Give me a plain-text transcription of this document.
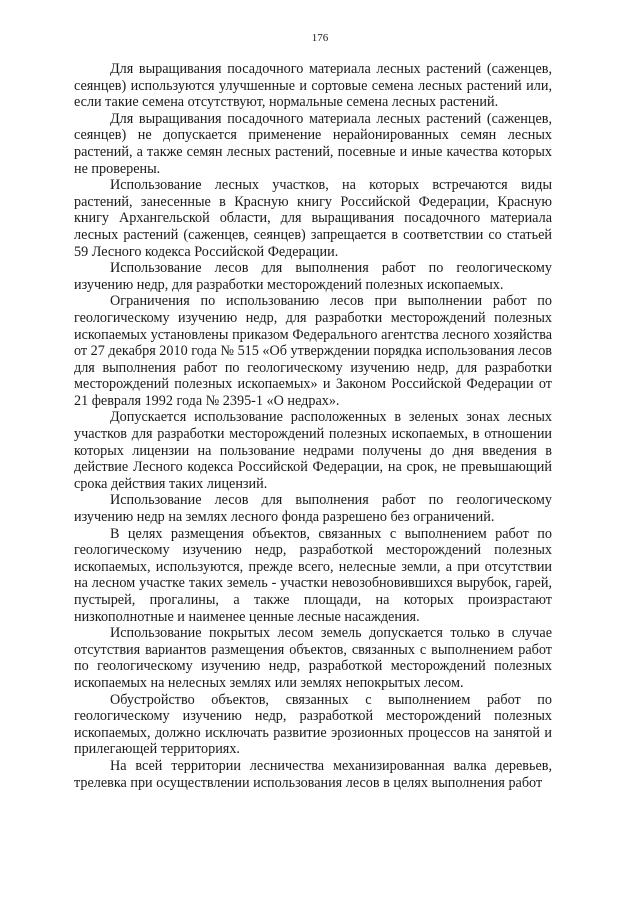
176

Для выращивания посадочного материала лесных растений (саженцев, сеянцев) используются улучшенные и сортовые семена лесных растений или, если такие семена отсутствуют, нормальные семена лесных растений.

Для выращивания посадочного материала лесных растений (саженцев, сеянцев) не допускается применение нерайонированных семян лесных растений, а также семян лесных растений, посевные и иные качества которых не проверены.

Использование лесных участков, на которых встречаются виды растений, занесенные в Красную книгу Российской Федерации, Красную книгу Архангельской области, для выращивания посадочного материала лесных растений (саженцев, сеянцев) запрещается в соответствии со статьей 59 Лесного кодекса Российской Федерации.

Использование лесов для выполнения работ по геологическому изучению недр, для разработки месторождений полезных ископаемых.

Ограничения по использованию лесов при выполнении работ по геологическому изучению недр, для разработки месторождений полезных ископаемых установлены приказом Федерального агентства лесного хозяйства от 27 декабря 2010 года № 515 «Об утверждении порядка использования лесов для выполнения работ по геологическому изучению недр, для разработки месторождений полезных ископаемых» и Законом Российской Федерации от 21 февраля 1992 года № 2395-1 «О недрах».

Допускается использование расположенных в зеленых зонах лесных участков для разработки месторождений полезных ископаемых, в отношении которых лицензии на пользование недрами получены до дня введения в действие Лесного кодекса Российской Федерации, на срок, не превышающий срока действия таких лицензий.

Использование лесов для выполнения работ по геологическому изучению недр на землях лесного фонда разрешено без ограничений.

В целях размещения объектов, связанных с выполнением работ по геологическому изучению недр, разработкой месторождений полезных ископаемых, используются, прежде всего, нелесные земли, а при отсутствии на лесном участке таких земель - участки невозобновившихся вырубок, гарей, пустырей, прогалины, а также площади, на которых произрастают низкополнотные и наименее ценные лесные насаждения.

Использование покрытых лесом земель допускается только в случае отсутствия вариантов размещения объектов, связанных с выполнением работ по геологическому изучению недр, разработкой месторождений полезных ископаемых на нелесных землях или землях непокрытых лесом.

Обустройство объектов, связанных с выполнением работ по геологическому изучению недр, разработкой месторождений полезных ископаемых, должно исключать развитие эрозионных процессов на занятой и прилегающей территориях.

На всей территории лесничества механизированная валка деревьев, трелевка при осуществлении использования лесов в целях выполнения работ
